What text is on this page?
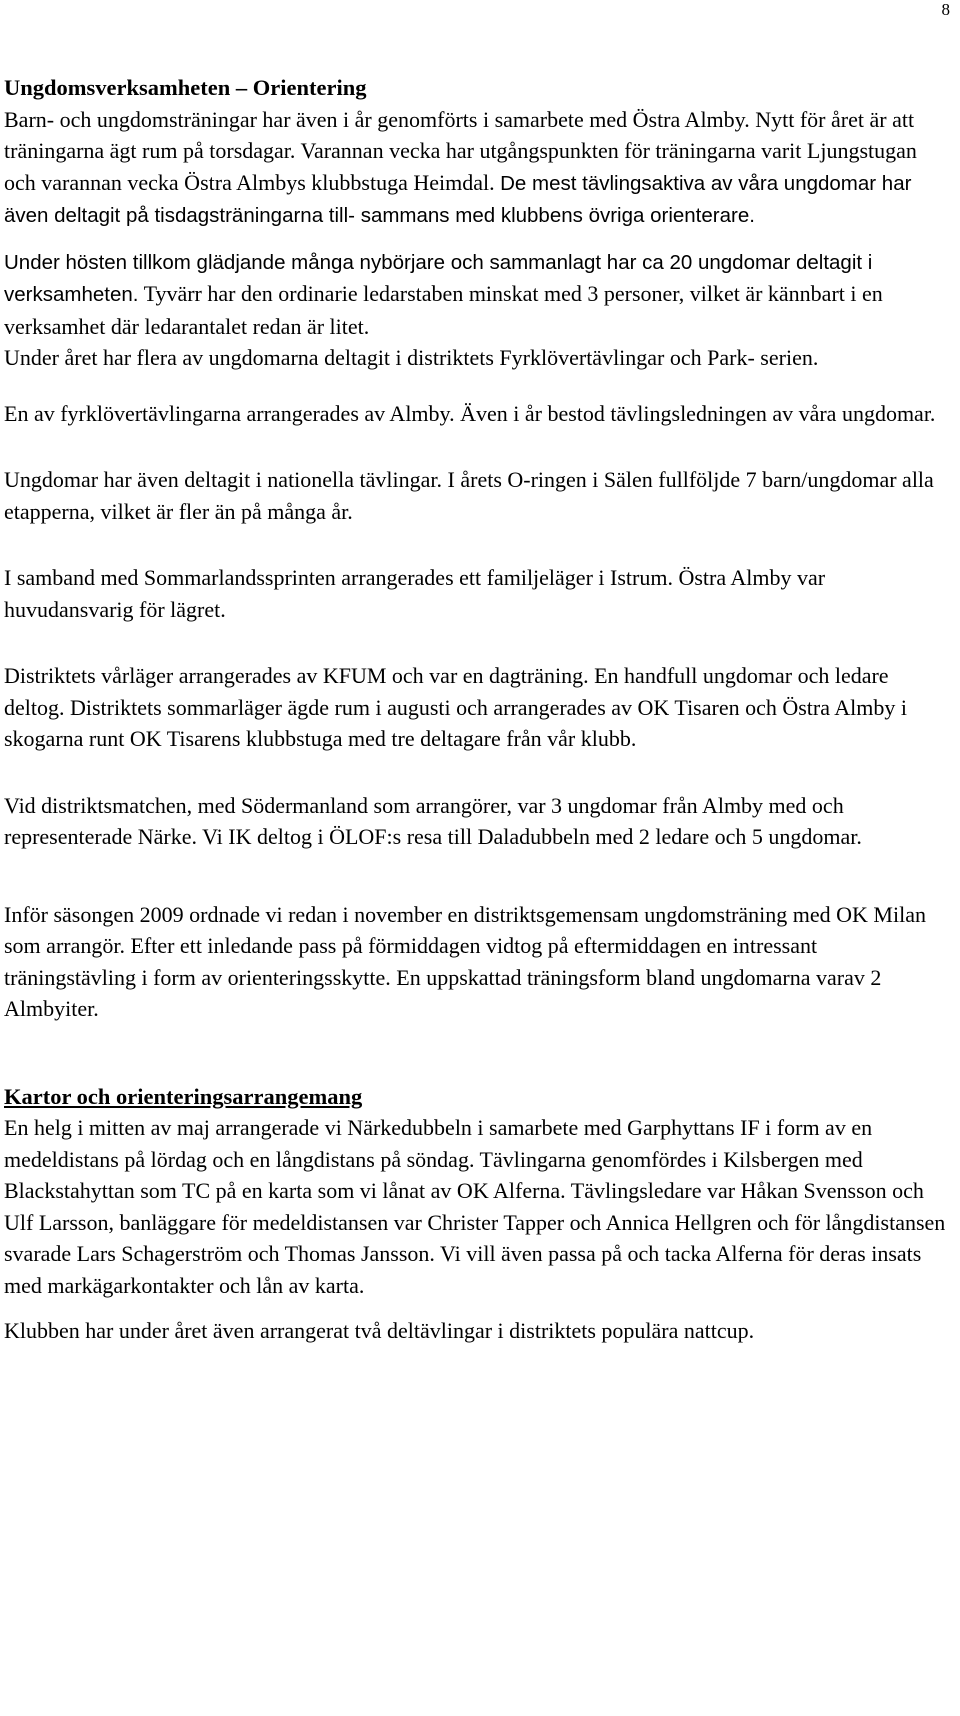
8

Ungdomsverksamheten – Orientering
Barn- och ungdomsträningar har även i år genomförts i samarbete med Östra Almby. Nytt för året är att träningarna ägt rum på torsdagar. Varannan vecka har utgångspunkten för träningarna varit Ljungstugan och varannan vecka Östra Almbys klubbstuga Heimdal. De mest tävlingsaktiva av våra ungdomar har även deltagit på tisdagsträningarna till- sammans med klubbens övriga orienterare.

Under hösten tillkom glädjande många nybörjare och sammanlagt har ca 20 ungdomar deltagit i verksamheten. Tyvärr har den ordinarie ledarstaben minskat med 3 personer, vilket är kännbart i en verksamhet där ledarantalet redan är litet.

Under året har flera av ungdomarna deltagit i distriktets Fyrklövertävlingar och Park- serien.

En av fyrklövertävlingarna arrangerades av Almby. Även i år bestod tävlingsledningen av våra ungdomar.

Ungdomar har även deltagit i nationella tävlingar. I årets O-ringen i Sälen fullföljde 7 barn/ungdomar alla etapperna, vilket är fler än på många år.

I samband med Sommarlandssprinten arrangerades ett familjeläger i Istrum. Östra Almby var huvudansvarig för lägret.

Distriktets vårläger arrangerades av KFUM och var en dagträning. En handfull ungdomar och ledare deltog. Distriktets sommarläger ägde rum i augusti och arrangerades av OK Tisaren och Östra Almby i skogarna runt OK Tisarens klubbstuga med tre deltagare från vår klubb.

Vid distriktsmatchen, med Södermanland som arrangörer, var 3 ungdomar från Almby med och representerade Närke. Vi IK deltog i ÖLOF:s resa till Daladubbeln med 2 ledare och 5 ungdomar.

Inför säsongen 2009 ordnade vi redan i november en distriktsgemensam ungdomsträning med OK Milan som arrangör. Efter ett inledande pass på förmiddagen vidtog på eftermiddagen en intressant träningstävling i form av orienteringsskytte. En uppskattad träningsform bland ungdomarna varav 2 Almbyiter.

Kartor och orienteringsarrangemang
En helg i mitten av maj arrangerade vi Närkedubbeln i samarbete med Garphyttans IF i form av en medeldistans på lördag och en långdistans på söndag. Tävlingarna genomfördes i Kilsbergen med Blackstahyttan som TC på en karta som vi lånat av OK Alferna. Tävlingsledare var Håkan Svensson och Ulf Larsson, banläggare för medeldistansen var Christer Tapper och Annica Hellgren och för långdistansen svarade Lars Schagerström och Thomas Jansson. Vi vill även passa på och tacka Alferna för deras insats med markägarkontakter och lån av karta.

Klubben har under året även arrangerat två deltävlingar i distriktets populära nattcup.
